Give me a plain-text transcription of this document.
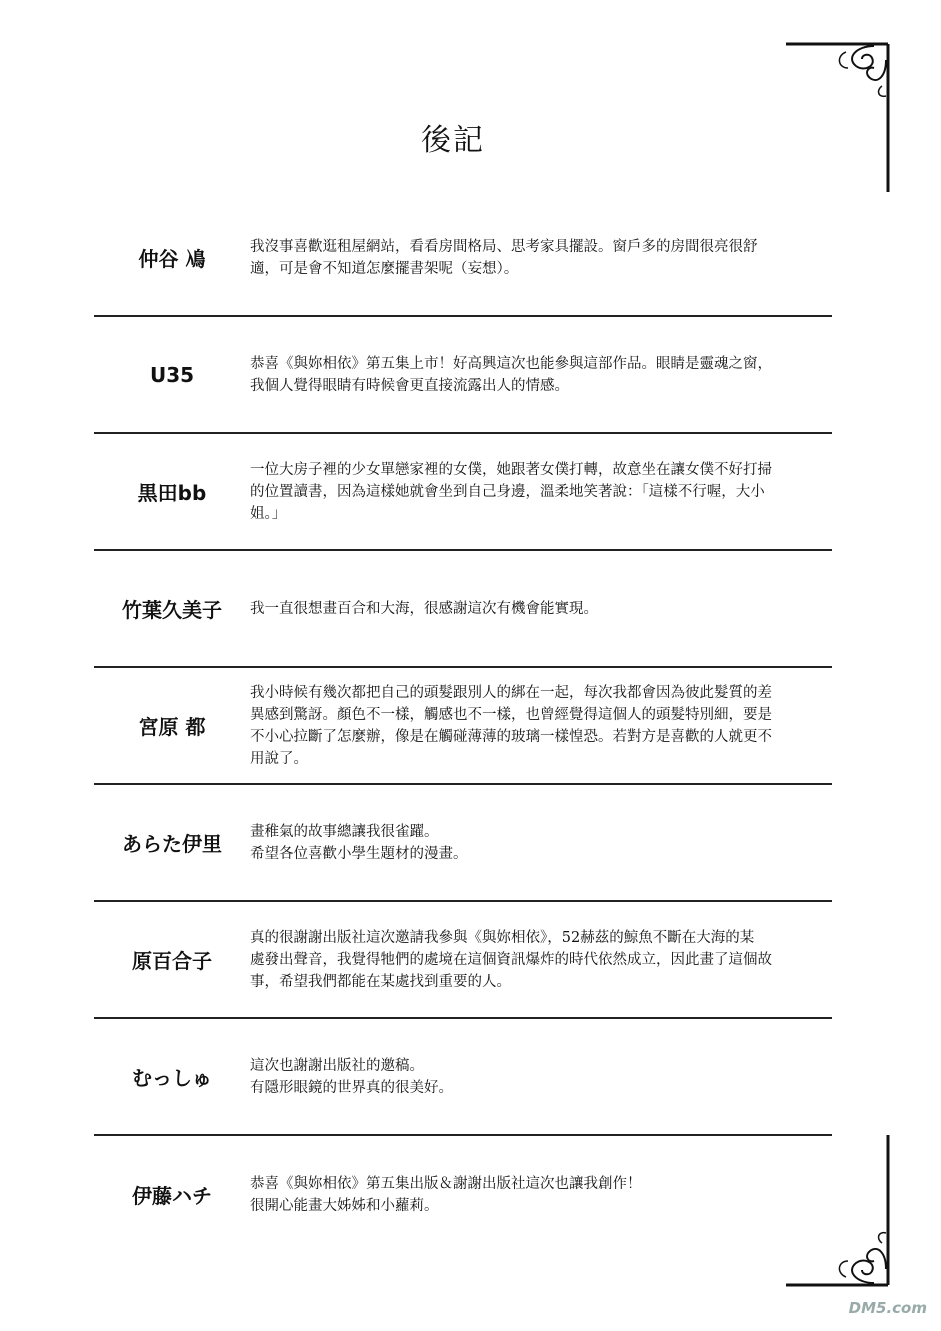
後記
仲谷 鳰
我沒事喜歡逛租屋網站，看看房間格局、思考家具擺設。窗戶多的房間很亮很舒
適，可是會不知道怎麼擺書架呢（妄想）。
U35	恭喜《與妳相依》第五集上市！好高興這次也能參與這部作品。眼睛是靈魂之窗，
我個人覺得眼睛有時候會更直接流露出人的情感。
黒田bb
一位大房子裡的少女單戀家裡的女僕，她跟著女僕打轉，故意坐在讓女僕不好打掃
的位置讀書，因為這樣她就會坐到自己身邊，溫柔地笑著說：「這樣不行喔，大小
姐。」
竹葉久美子	我一直很想畫百合和大海，很感謝這次有機會能實現。
宮原 都
我小時候有幾次都把自己的頭髮跟別人的綁在一起，每次我都會因為彼此髮質的差
異感到驚訝。顏色不一樣，觸感也不一樣，也曾經覺得這個人的頭髮特別細，要是
不小心拉斷了怎麼辦，像是在觸碰薄薄的玻璃一樣惶恐。若對方是喜歡的人就更不
用說了。
あらた伊里
畫稚氣的故事總讓我很雀躍。
希望各位喜歡小學生題材的漫畫。
原百合子
真的很謝謝出版社這次邀請我參與《與妳相依》，52赫茲的鯨魚不斷在大海的某
處發出聲音，我覺得牠們的處境在這個資訊爆炸的時代依然成立，因此畫了這個故
事，希望我們都能在某處找到重要的人。
むっしゅ
這次也謝謝出版社的邀稿。
有隱形眼鏡的世界真的很美好。
伊藤ハチ
恭喜《與妳相依》第五集出版＆謝謝出版社這次也讓我創作！
很開心能畫大姊姊和小蘿莉。
DM5.com
